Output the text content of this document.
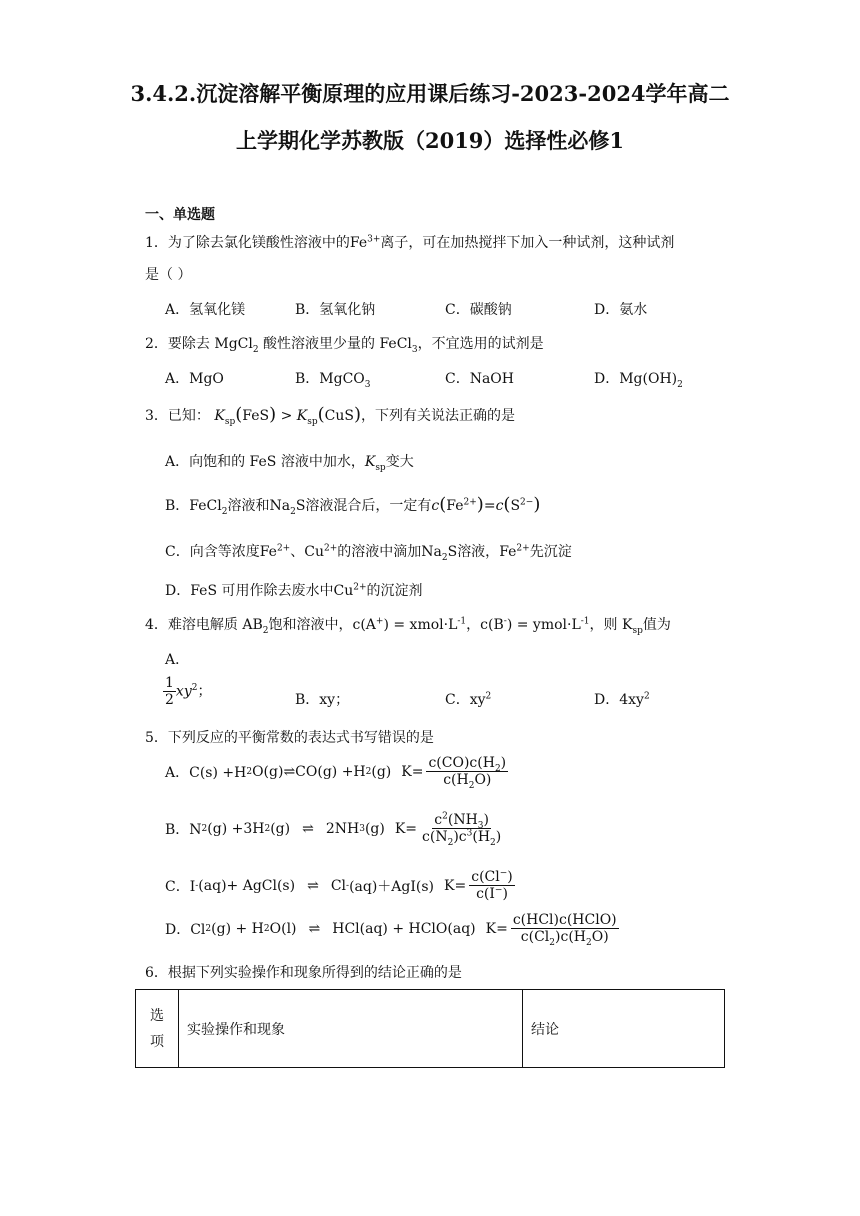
3.4.2.沉淀溶解平衡原理的应用课后练习-2023-2024学年高二
上学期化学苏教版（2019）选择性必修1
一、单选题
1．为了除去氯化镁酸性溶液中的$Fe^{3+}$离子，可在加热搅拌下加入一种试剂，这种试剂
是（ ）
A．氢氧化镁	B．氢氧化钠	C．碳酸钠	D．氨水
2．要除去 MgCl$_2$ 酸性溶液里少量的 FeCl$_3$，不宜选用的试剂是
A．MgO	B．MgCO$_3$	C．NaOH	D．$Mg(OH)_2$
3．已知： $K_{sp}(FeS) > K_{sp}(CuS)$，下列有关说法正确的是
A．向饱和的 FeS 溶液中加水，$K_{sp}$变大
B．FeCl$_2$溶液和$Na_2S$溶液混合后，一定有$c(Fe^{2+})=c(S^{2-})$
C．向含等浓度$Fe^{2+}$、$Cu^{2+}$的溶液中滴加$Na_2S$溶液，$Fe^{2+}$先沉淀
D．FeS 可用作除去废水中$Cu^{2+}$的沉淀剂
4．难溶电解质 $AB_2$饱和溶液中，$c(A^+) = xmol\cdot L^{-1}$，$c(B^-) = ymol\cdot L^{-1}$，则 $K_{sp}$值为
A．
$\frac{1}{2} xy^2$；
B．xy；	C．$xy^2$	D．$4xy^2$
5．下列反应的平衡常数的表达式书写错误的是
A．C(s) +H 2 O(g) ⇌ CO(g) +H 2 (g) $K= \frac{c(CO)c(H_2)}{c(H_2O)}$
B．N 2 (g) +3H 2 (g) ⇌ 2NH 3 (g) $K= \frac{c^2(NH_3)}{c(N_2)c^3(H_2)}$
C．I - (aq)+ AgCl(s) ⇌ Cl - (aq)＋AgI(s) $K= \frac{c(Cl^-)}{c(I^-)}$
D．Cl 2 (g) + H 2 O(l) ⇌ HCl(aq) + HClO(aq) $K= \frac{\text{c(HCl)c(HClO)}}{c(Cl_2)c(H_2O)}$
6．根据下列实验操作和现象所得到的结论正确的是
选
项
	实验操作和现象	结论
